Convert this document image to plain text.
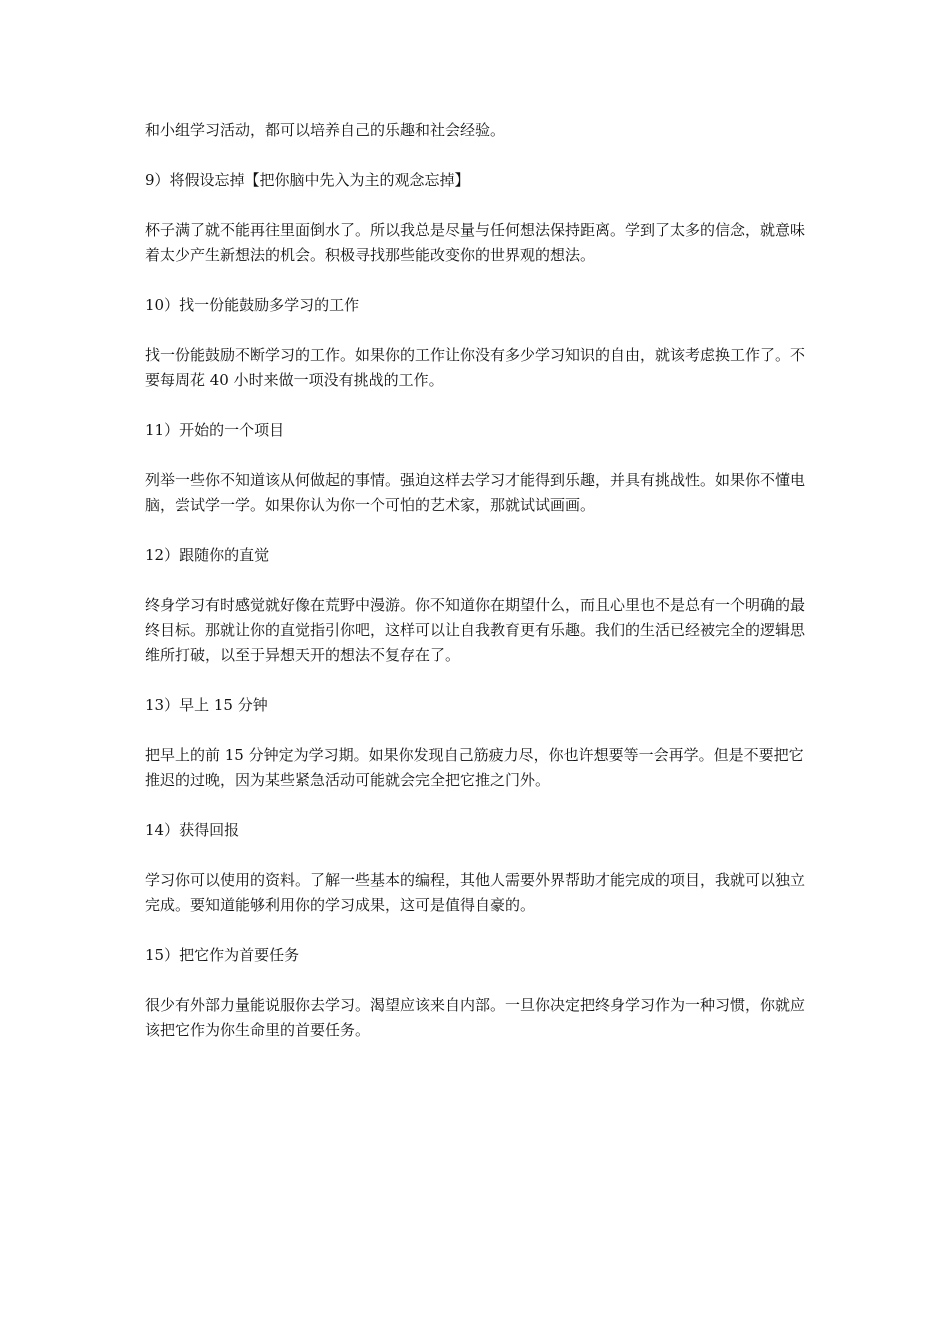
和小组学习活动，都可以培养自己的乐趣和社会经验。

9）将假设忘掉【把你脑中先入为主的观念忘掉】

杯子满了就不能再往里面倒水了。所以我总是尽量与任何想法保持距离。学到了太多的信念，就意味着太少产生新想法的机会。积极寻找那些能改变你的世界观的想法。

10）找一份能鼓励多学习的工作

找一份能鼓励不断学习的工作。如果你的工作让你没有多少学习知识的自由，就该考虑换工作了。不要每周花 40 小时来做一项没有挑战的工作。

11）开始的一个项目

列举一些你不知道该从何做起的事情。强迫这样去学习才能得到乐趣，并具有挑战性。如果你不懂电脑，尝试学一学。如果你认为你一个可怕的艺术家，那就试试画画。

12）跟随你的直觉

终身学习有时感觉就好像在荒野中漫游。你不知道你在期望什么，而且心里也不是总有一个明确的最终目标。那就让你的直觉指引你吧，这样可以让自我教育更有乐趣。我们的生活已经被完全的逻辑思维所打破，以至于异想天开的想法不复存在了。

13）早上 15 分钟

把早上的前 15 分钟定为学习期。如果你发现自己筋疲力尽，你也许想要等一会再学。但是不要把它推迟的过晚，因为某些紧急活动可能就会完全把它推之门外。

14）获得回报

学习你可以使用的资料。了解一些基本的编程，其他人需要外界帮助才能完成的项目，我就可以独立完成。要知道能够利用你的学习成果，这可是值得自豪的。

15）把它作为首要任务

很少有外部力量能说服你去学习。渴望应该来自内部。一旦你决定把终身学习作为一种习惯，你就应该把它作为你生命里的首要任务。
